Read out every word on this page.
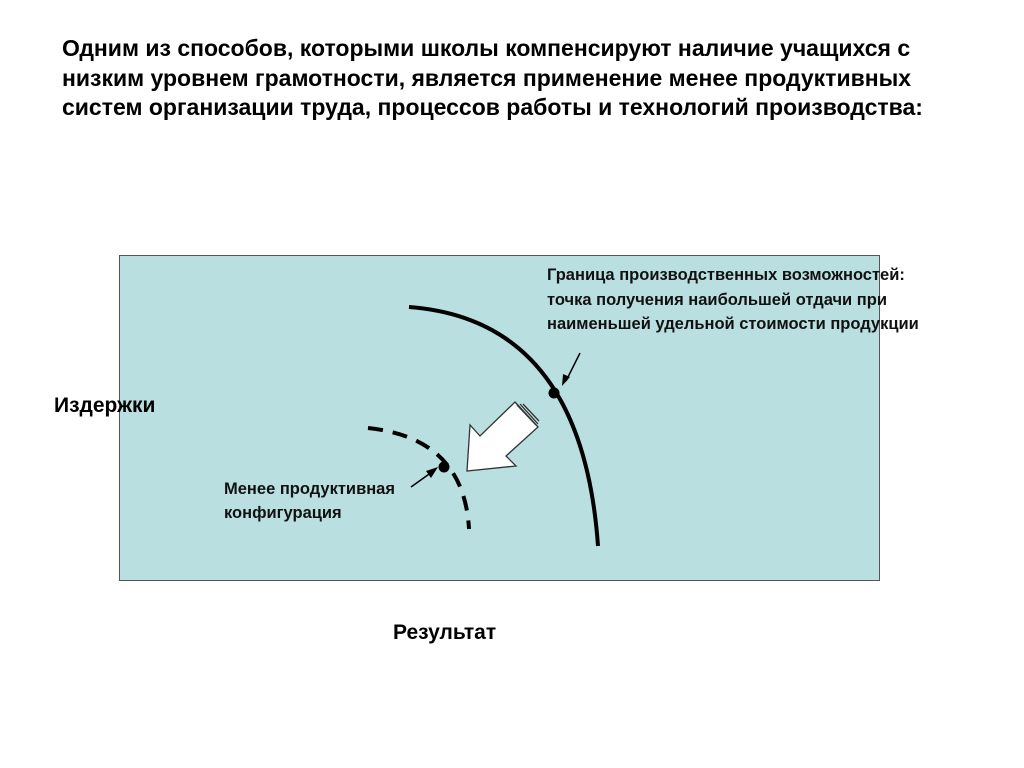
Одним из способов, которыми школы компенсируют наличие учащихся с низким уровнем грамотности, является применение менее продуктивных систем организации труда, процессов работы и технологий производства:

Граница производственных возможностей: точка получения наибольшей отдачи при наименьшей удельной стоимости продукции

Менее продуктивная конфигурация

Издержки

Результат
